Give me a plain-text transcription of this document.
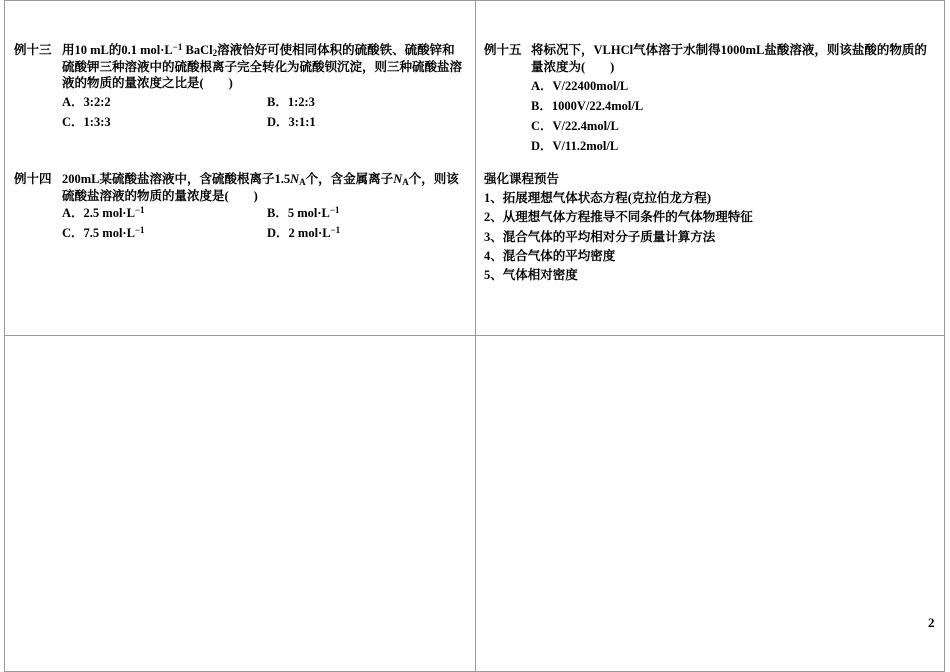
例十三 用10 mL的0.1 $mol\cdot L^{-1}$ BaCl$_2$溶液恰好可使相同体积的硫酸铁、硫酸锌和硫酸钾三种溶液中的硫酸根离子完全转化为硫酸钡沉淀，则三种硫酸盐溶液的物质的量浓度之比是(　　)
A．3:2:2	B．1:2:3
C．1:3:3	D．3:1:1
例十四 200mL某硫酸盐溶液中，含硫酸根离子$1.5N_A$个，含金属离子$N_A$个，则该硫酸盐溶液的物质的量浓度是(　　)
A．2.5 $mol\cdot L^{-1}$	B．5 $mol\cdot L^{-1}$
C．7.5 $mol\cdot L^{-1}$	D．2 $mol\cdot L^{-1}$
例十五 将标况下，VLHCl气体溶于水制得1000mL盐酸溶液，则该盐酸的物质的量浓度为(　　)
A．V/22400mol/L
B．1000V/22.4mol/L
C．V/22.4mol/L
D．V/11.2mol/L
强化课程预告
1、拓展理想气体状态方程(克拉伯龙方程)
2、从理想气体方程推导不同条件的气体物理特征
3、混合气体的平均相对分子质量计算方法
4、混合气体的平均密度
5、气体相对密度
2
